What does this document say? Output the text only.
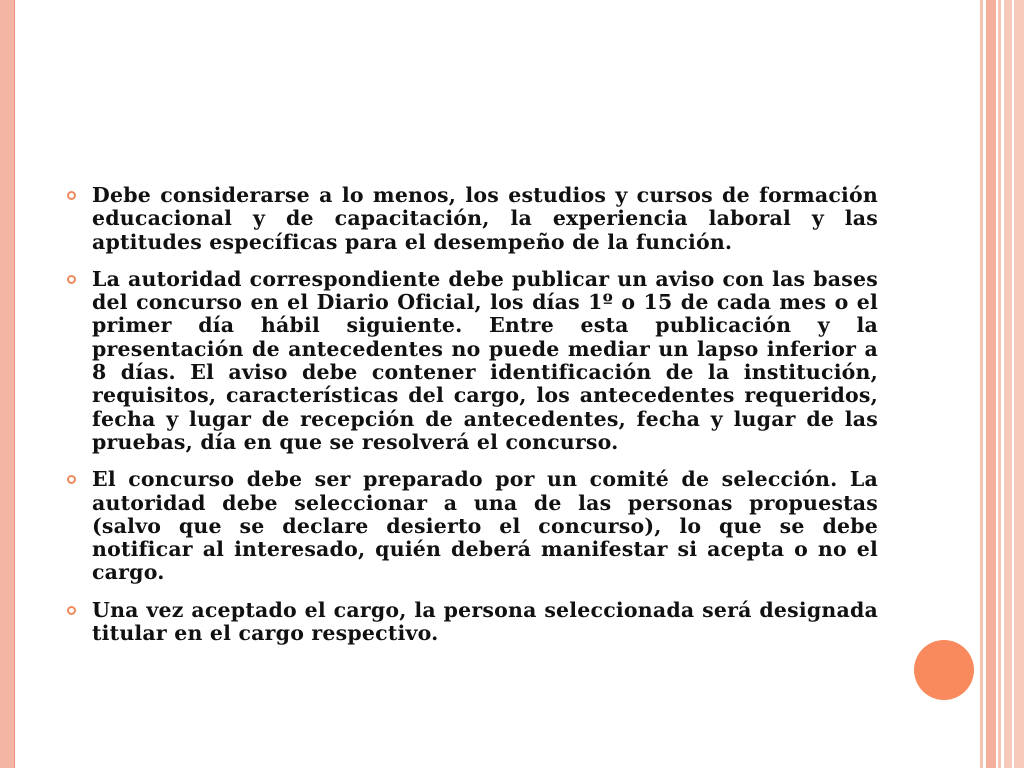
Debe considerarse a lo menos, los estudios y cursos de formación educacional y de capacitación, la experiencia laboral y las aptitudes específicas para el desempeño de la función.
La autoridad correspondiente debe publicar un aviso con las bases del concurso en el Diario Oficial, los días 1º o 15 de cada mes o el primer día hábil siguiente. Entre esta publicación y la presentación de antecedentes no puede mediar un lapso inferior a 8 días. El aviso debe contener identificación de la institución, requisitos, características del cargo, los antecedentes requeridos, fecha y lugar de recepción de antecedentes, fecha y lugar de las pruebas, día en que se resolverá el concurso.
El concurso debe ser preparado por un comité de selección. La autoridad debe seleccionar a una de las personas propuestas (salvo que se declare desierto el concurso), lo que se debe notificar al interesado, quién deberá manifestar si acepta o no el cargo.
Una vez aceptado el cargo, la persona seleccionada será designada titular en el cargo respectivo.
